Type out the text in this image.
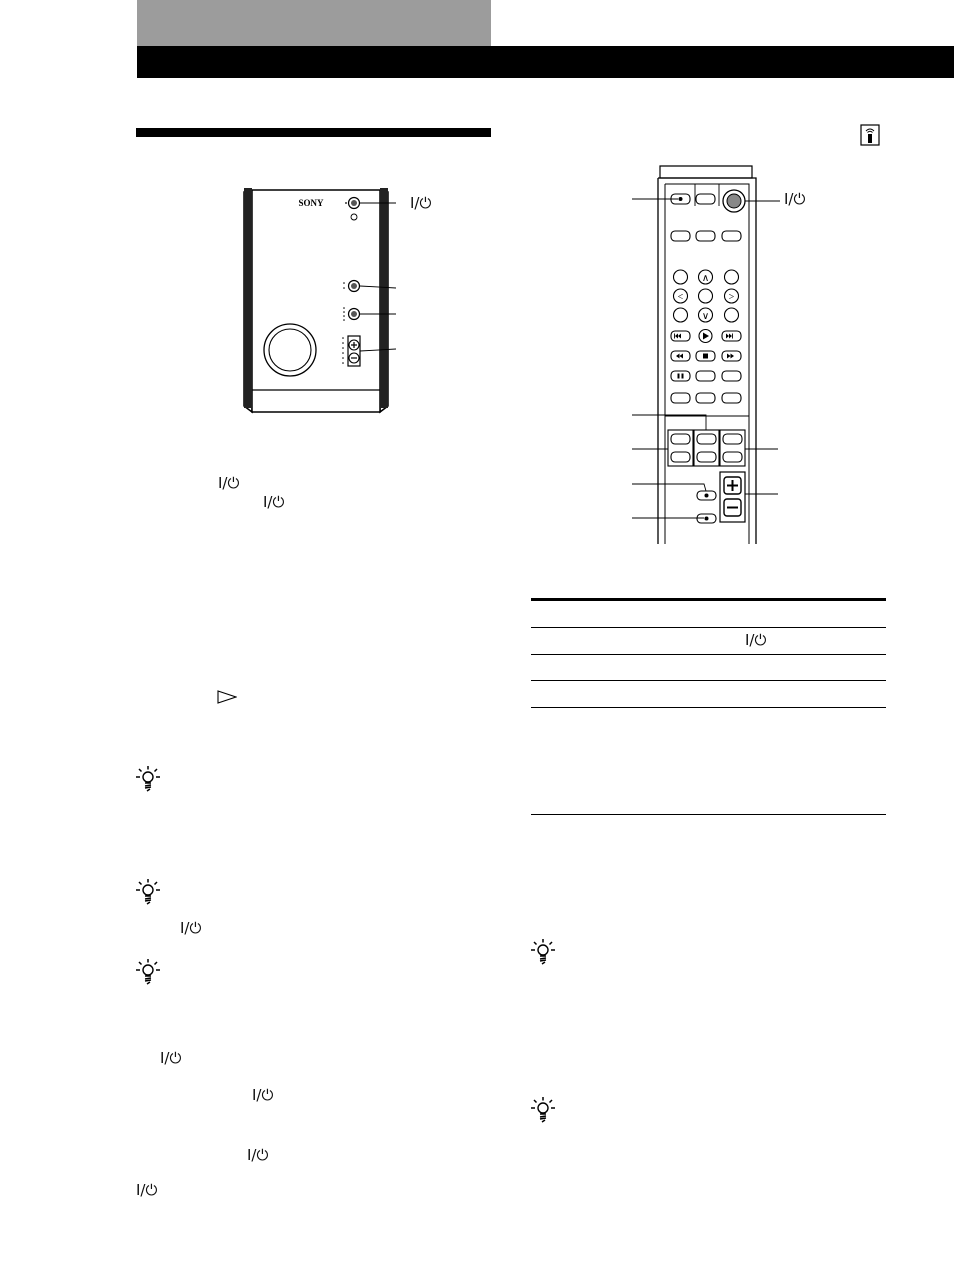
SONY	I/⏻
∧
<	>
∨
I/⏻
I/⏻
I/⏻
I/⏻
I/⏻
I/⏻
I/⏻
I/⏻
I/⏻
